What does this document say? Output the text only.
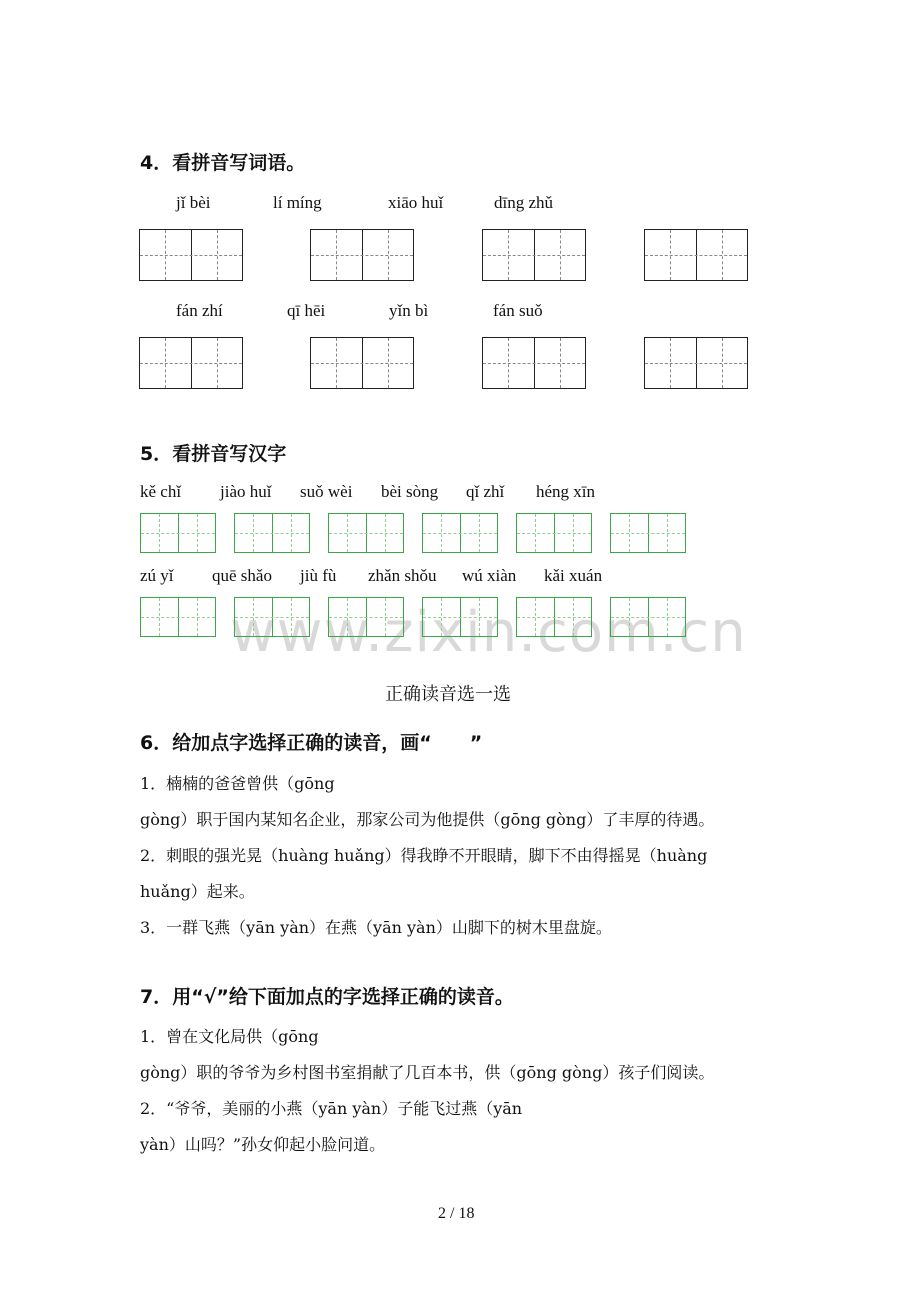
www.zixin.com.cn
4．看拼音写词语。
jǐ bèi	lí míng	xiāo huǐ	dīng zhǔ
fán zhí	qī hēi	yǐn bì	fán suǒ
5．看拼音写汉字
kě chǐ jiào huǐ suǒ wèi bèi sòng qǐ zhǐ héng xīn
zú yǐ quē shǎo jiù fù zhǎn shǒu wú xiàn kǎi xuán
正确读音选一选
6．给加点字选择正确的读音，画“　　”
1．楠楠的爸爸曾供（gōng
gòng）职于国内某知名企业，那家公司为他提供（gōng gòng）了丰厚的待遇。
2．刺眼的强光晃（huàng huǎng）得我睁不开眼睛，脚下不由得摇晃（huàng
huǎng）起来。
3．一群飞燕（yān yàn）在燕（yān yàn）山脚下的树木里盘旋。
7．用“√”给下面加点的字选择正确的读音。
1．曾在文化局供（gōng
gòng）职的爷爷为乡村图书室捐献了几百本书，供（gōng gòng）孩子们阅读。
2．“爷爷，美丽的小燕（yān yàn）子能飞过燕（yān
yàn）山吗？”孙女仰起小脸问道。
2 / 18
